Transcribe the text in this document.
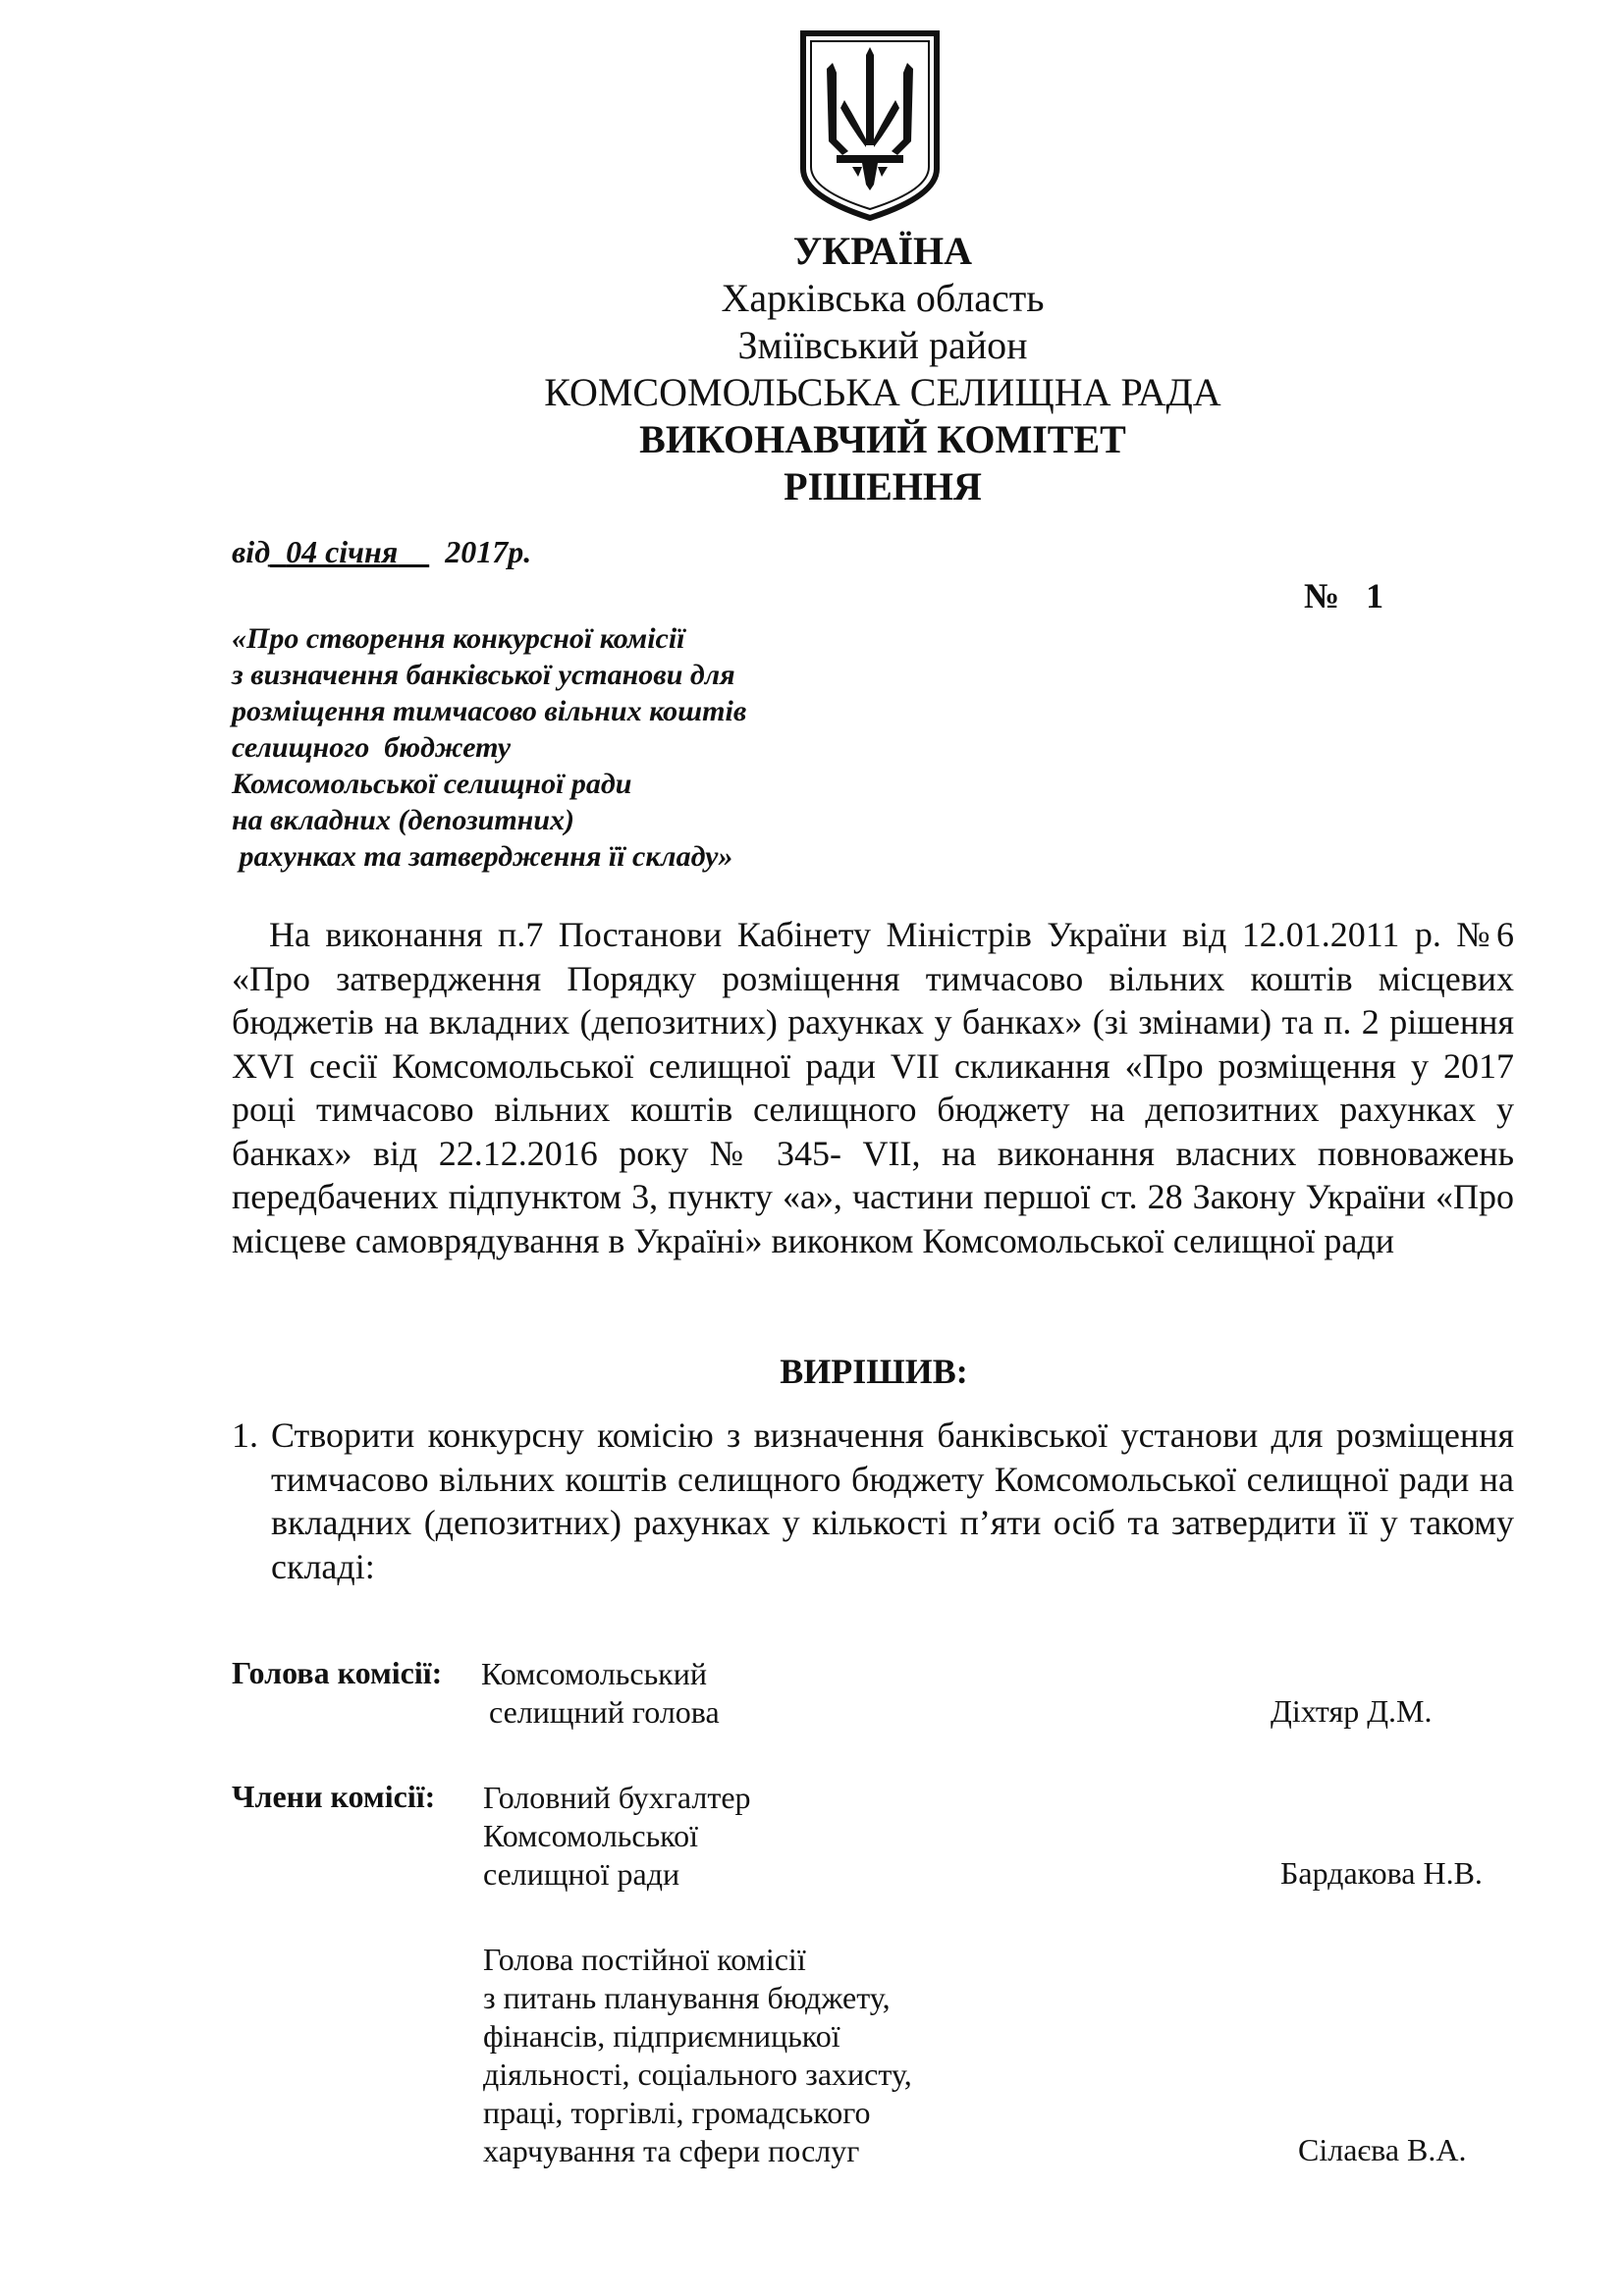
УКРАЇНА
Харківська область
Зміївський район
КОМСОМОЛЬСЬКА СЕЛИЩНА РАДА
ВИКОНАВЧИЙ КОМІТЕТ
РІШЕННЯ
від_04 січня__ 2017р.
№   1
«Про створення конкурсної комісії
з визначення банківської установи для
розміщення тимчасово вільних коштів
селищного  бюджету
Комсомольської селищної ради
на вкладних (депозитних)
рахунках та затвердження її складу»
На виконання п.7 Постанови Кабінету Міністрів України від 12.01.2011 р. №6 «Про затвердження Порядку розміщення тимчасово вільних коштів місцевих бюджетів на вкладних (депозитних) рахунках у банках» (зі змінами) та п. 2 рішення XVI сесії Комсомольської селищної ради VII скликання «Про розміщення у 2017 році тимчасово вільних коштів селищного бюджету на депозитних рахунках у банках» від 22.12.2016 року № 345- VII, на виконання власних повноважень передбачених підпунктом 3, пункту «а», частини першої ст. 28 Закону України «Про місцеве самоврядування в Україні» виконком Комсомольської селищної ради
ВИРІШИВ:
1. Створити конкурсну комісію з визначення банківської установи для розміщення тимчасово вільних коштів селищного бюджету Комсомольської селищної ради на вкладних (депозитних) рахунках у кількості п’яти осіб та затвердити її у такому складі:
Голова комісії: Комсомольський
селищний голова	Діхтяр Д.М.
Члени комісії: Головний бухгалтер
Комсомольської
селищної ради	Бардакова Н.В.
Голова постійної комісії
з питань планування бюджету,
фінансів, підприємницької
діяльності, соціального захисту,
праці, торгівлі, громадського
харчування та сфери послуг	Сілаєва В.А.
